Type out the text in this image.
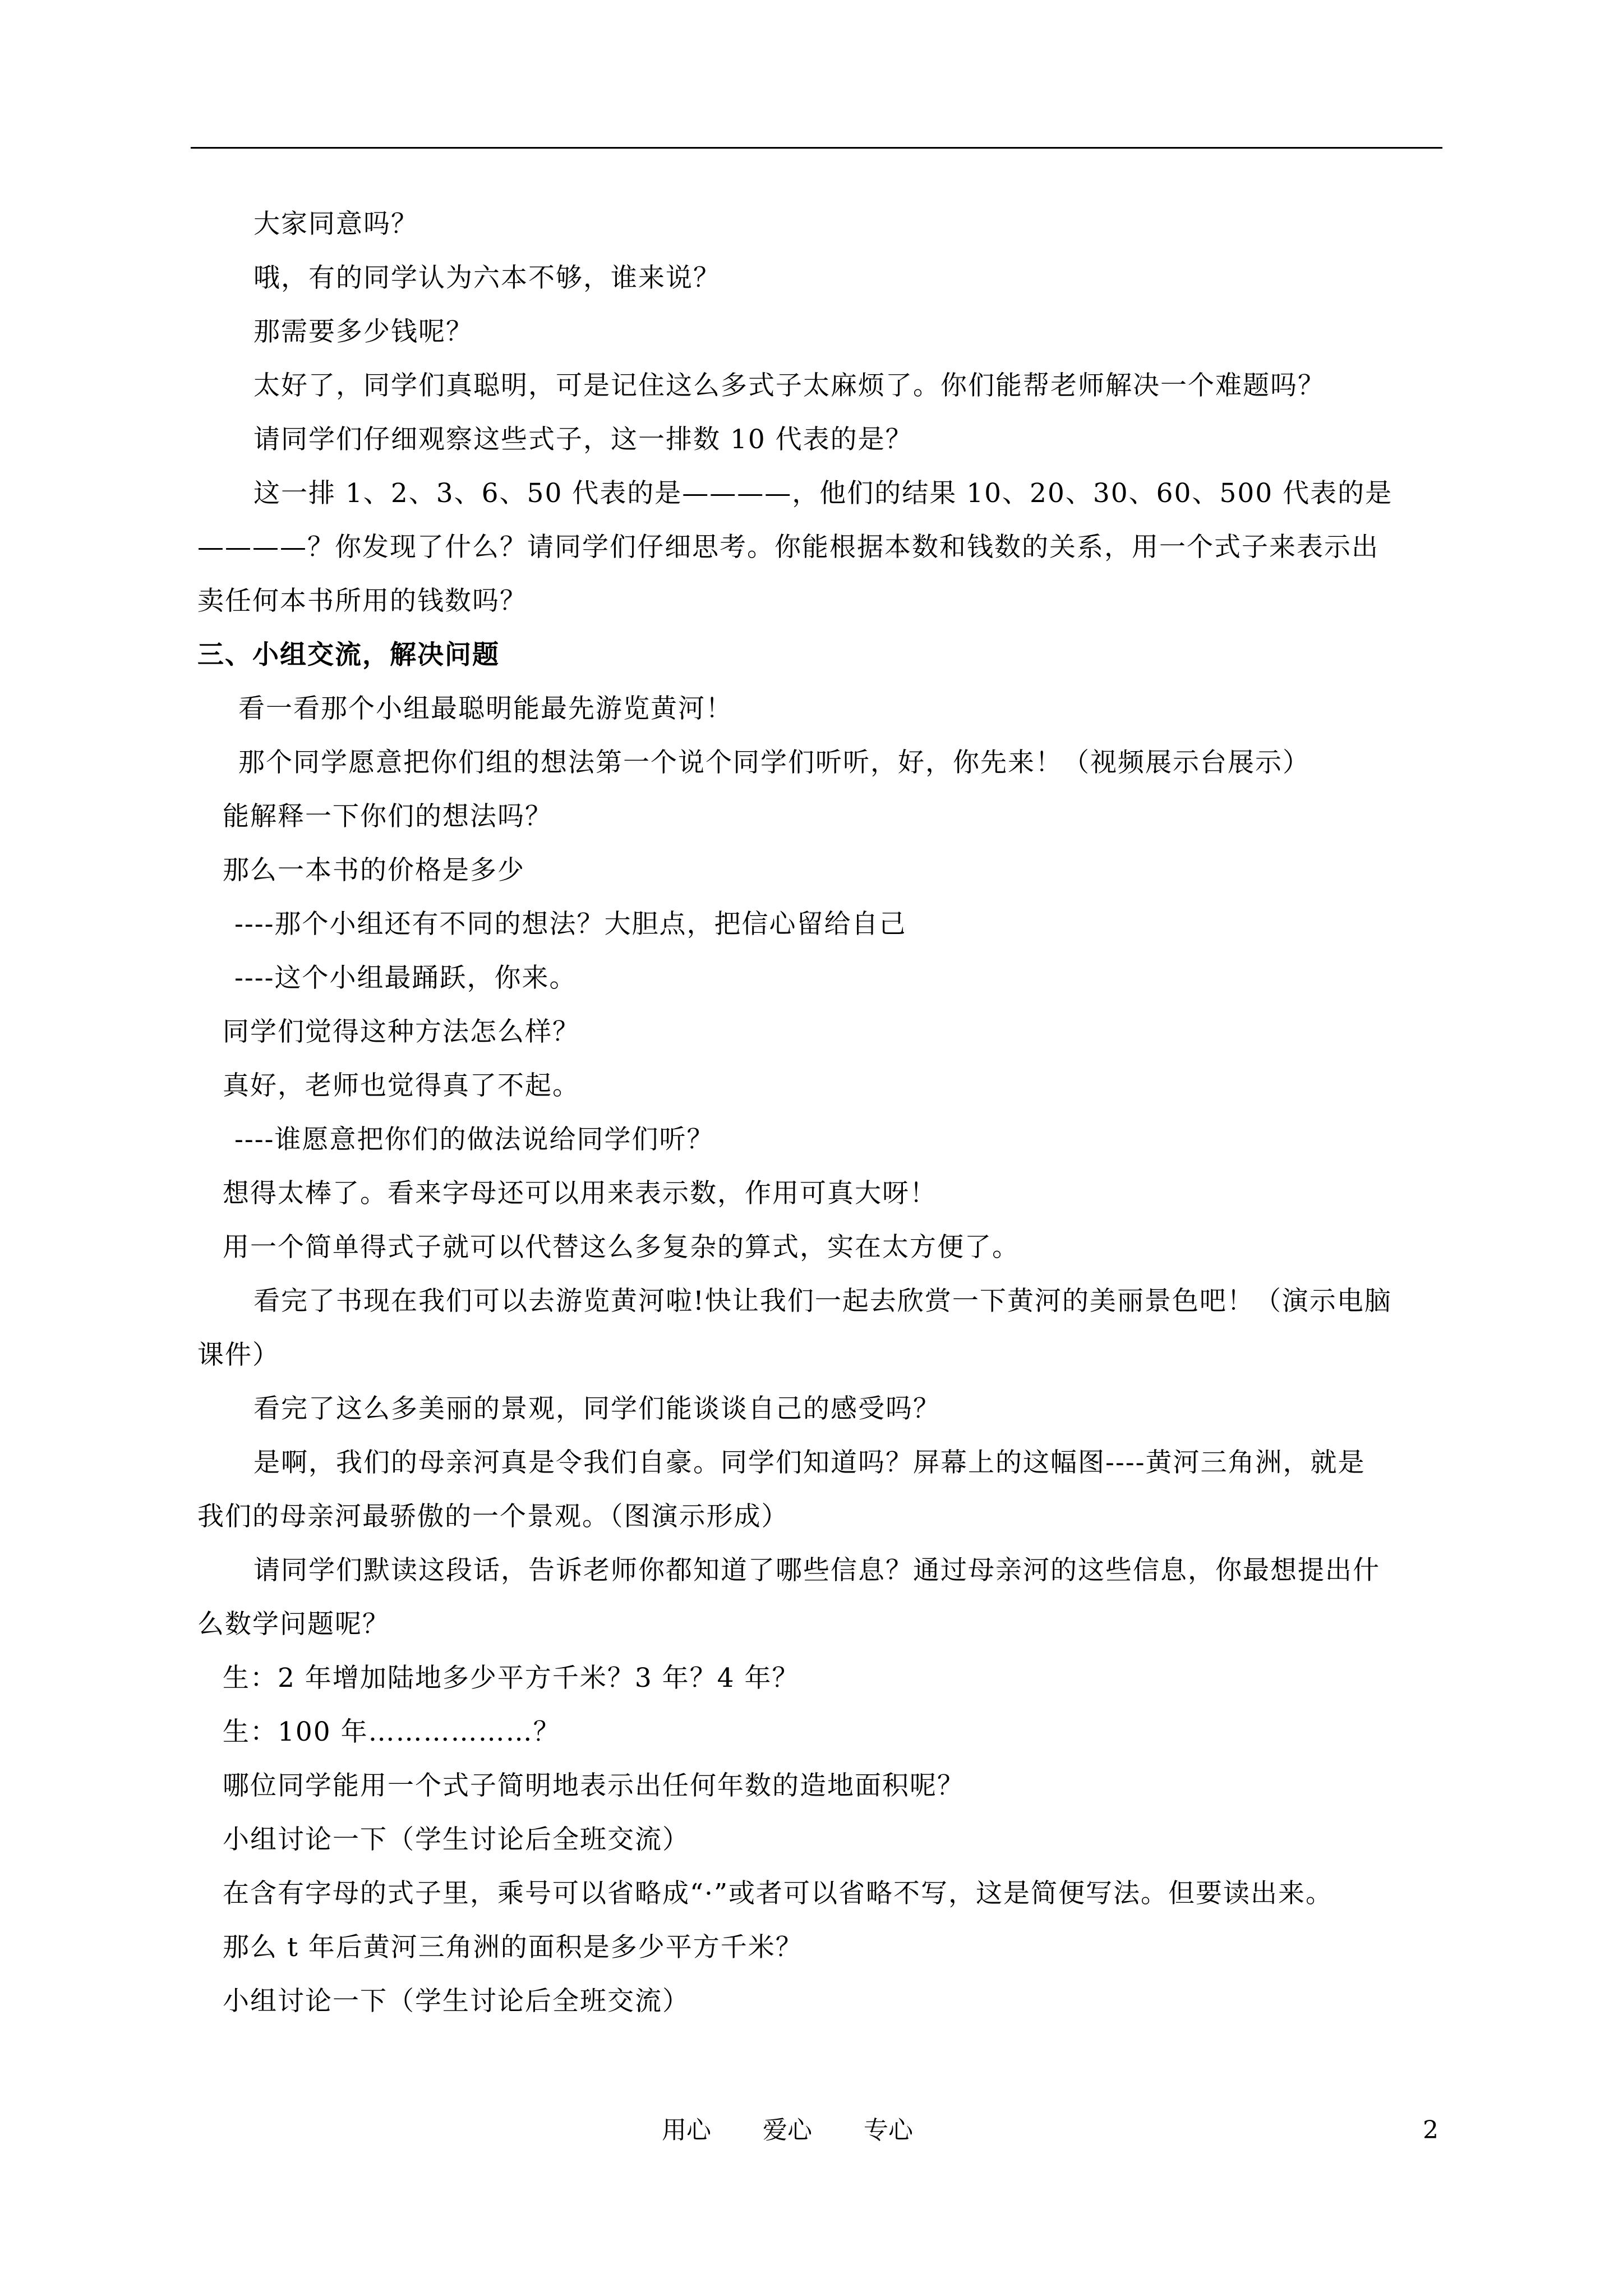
大家同意吗？
哦，有的同学认为六本不够，谁来说？
那需要多少钱呢？
太好了，同学们真聪明，可是记住这么多式子太麻烦了。你们能帮老师解决一个难题吗？
请同学们仔细观察这些式子，这一排数 10 代表的是？
这一排 1、2、3、6、50 代表的是————，他们的结果 10、20、30、60、500 代表的是
————？你发现了什么？请同学们仔细思考。你能根据本数和钱数的关系，用一个式子来表示出
卖任何本书所用的钱数吗？
三、小组交流，解决问题
看一看那个小组最聪明能最先游览黄河！
那个同学愿意把你们组的想法第一个说个同学们听听，好，你先来！（视频展示台展示）
能解释一下你们的想法吗？
那么一本书的价格是多少
----那个小组还有不同的想法？大胆点，把信心留给自己
----这个小组最踊跃，你来。
同学们觉得这种方法怎么样？
真好，老师也觉得真了不起。
----谁愿意把你们的做法说给同学们听？
想得太棒了。看来字母还可以用来表示数，作用可真大呀！
用一个简单得式子就可以代替这么多复杂的算式，实在太方便了。
看完了书现在我们可以去游览黄河啦!快让我们一起去欣赏一下黄河的美丽景色吧！（演示电脑
课件）
看完了这么多美丽的景观，同学们能谈谈自己的感受吗？
是啊，我们的母亲河真是令我们自豪。同学们知道吗？屏幕上的这幅图----黄河三角洲，就是
我们的母亲河最骄傲的一个景观。（图演示形成）
请同学们默读这段话，告诉老师你都知道了哪些信息？通过母亲河的这些信息，你最想提出什
么数学问题呢？
生：2 年增加陆地多少平方千米？3 年？4 年？
生：100 年………………？
哪位同学能用一个式子简明地表示出任何年数的造地面积呢？
小组讨论一下（学生讨论后全班交流）
在含有字母的式子里，乘号可以省略成“·”或者可以省略不写，这是简便写法。但要读出来。
那么 t 年后黄河三角洲的面积是多少平方千米？
小组讨论一下（学生讨论后全班交流）
用心 爱心 专心	2
